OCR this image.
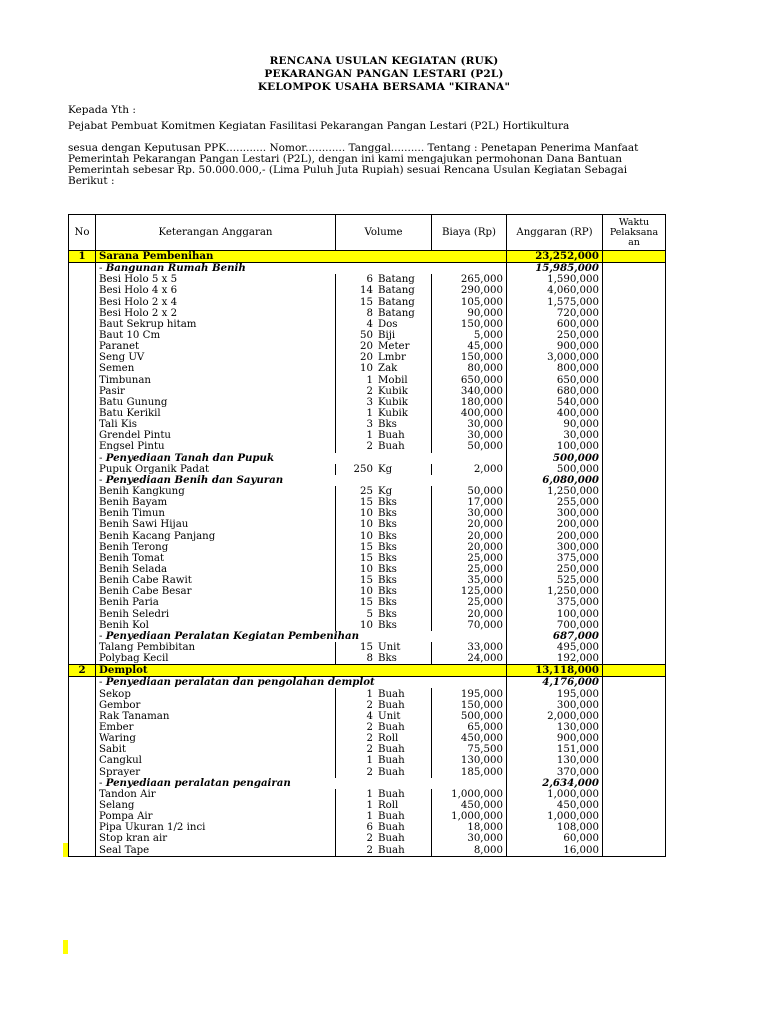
RENCANA USULAN KEGIATAN (RUK)
PEKARANGAN PANGAN LESTARI (P2L)
KELOMPOK USAHA BERSAMA "KIRANA"
Kepada Yth :
Pejabat Pembuat Komitmen Kegiatan Fasilitasi Pekarangan Pangan Lestari (P2L) Hortikultura
sesua dengan Keputusan PPK............ Nomor............ Tanggal.......... Tentang : Penetapan Penerima Manfaat
Pemerintah Pekarangan Pangan Lestari (P2L), dengan ini kami mengajukan permohonan Dana Bantuan
Pemerintah sebesar Rp. 50.000.000,- (Lima Puluh Juta Rupiah) sesuai Rencana Usulan Kegiatan Sebagai
Berikut :
No	Keterangan Anggaran	Volume	Biaya (Rp)	Anggaran (RP)	Waktu
Pelaksana
an
1	Sarana Pembenihan			23,252,000	
	- Bangunan Rumah Benih			15,985,000	
	Besi Holo 5 x 5	6 Batang	265,000	1,590,000	
	Besi Holo 4 x 6	14 Batang	290,000	4,060,000	
	Besi Holo 2 x 4	15 Batang	105,000	1,575,000	
	Besi Holo 2 x 2	8 Batang	90,000	720,000	
	Baut Sekrup hitam	4 Dos	150,000	600,000	
	Baut 10 Cm	50 Biji	5,000	250,000	
	Paranet	20 Meter	45,000	900,000	
	Seng UV	20 Lmbr	150,000	3,000,000	
	Semen	10 Zak	80,000	800,000	
	Timbunan	1 Mobil	650,000	650,000	
	Pasir	2 Kubik	340,000	680,000	
	Batu Gunung	3 Kubik	180,000	540,000	
	Batu Kerikil	1 Kubik	400,000	400,000	
	Tali Kis	3 Bks	30,000	90,000	
	Grendel Pintu	1 Buah	30,000	30,000	
	Engsel Pintu	2 Buah	50,000	100,000	
	- Penyediaan Tanah dan Pupuk			500,000	
	Pupuk Organik Padat	250 Kg	2,000	500,000	
	- Penyediaan Benih dan Sayuran			6,080,000	
	Benih Kangkung	25 Kg	50,000	1,250,000	
	Benih Bayam	15 Bks	17,000	255,000	
	Benih Timun	10 Bks	30,000	300,000	
	Benih Sawi Hijau	10 Bks	20,000	200,000	
	Benih Kacang Panjang	10 Bks	20,000	200,000	
	Benih Terong	15 Bks	20,000	300,000	
	Benih Tomat	15 Bks	25,000	375,000	
	Benih Selada	10 Bks	25,000	250,000	
	Benih Cabe Rawit	15 Bks	35,000	525,000	
	Benih Cabe Besar	10 Bks	125,000	1,250,000	
	Benih Paria	15 Bks	25,000	375,000	
	Benih Seledri	5 Bks	20,000	100,000	
	Benih Kol	10 Bks	70,000	700,000	
	- Penyediaan Peralatan Kegiatan Pembenihan			687,000	
	Talang Pembibitan	15 Unit	33,000	495,000	
	Polybag Kecil	8 Bks	24,000	192,000	
2	Demplot			13,118,000	
	- Penyediaan peralatan dan pengolahan demplot			4,176,000	
	Sekop	1 Buah	195,000	195,000	
	Gembor	2 Buah	150,000	300,000	
	Rak Tanaman	4 Unit	500,000	2,000,000	
	Ember	2 Buah	65,000	130,000	
	Waring	2 Roll	450,000	900,000	
	Sabit	2 Buah	75,500	151,000	
	Cangkul	1 Buah	130,000	130,000	
	Sprayer	2 Buah	185,000	370,000	
	- Penyediaan peralatan pengairan			2,634,000	
	Tandon Air	1 Buah	1,000,000	1,000,000	
	Selang	1 Roll	450,000	450,000	
	Pompa Air	1 Buah	1,000,000	1,000,000	
	Pipa Ukuran 1/2 inci	6 Buah	18,000	108,000	
	Stop kran air	2 Buah	30,000	60,000	
	Seal Tape	2 Buah	8,000	16,000	
